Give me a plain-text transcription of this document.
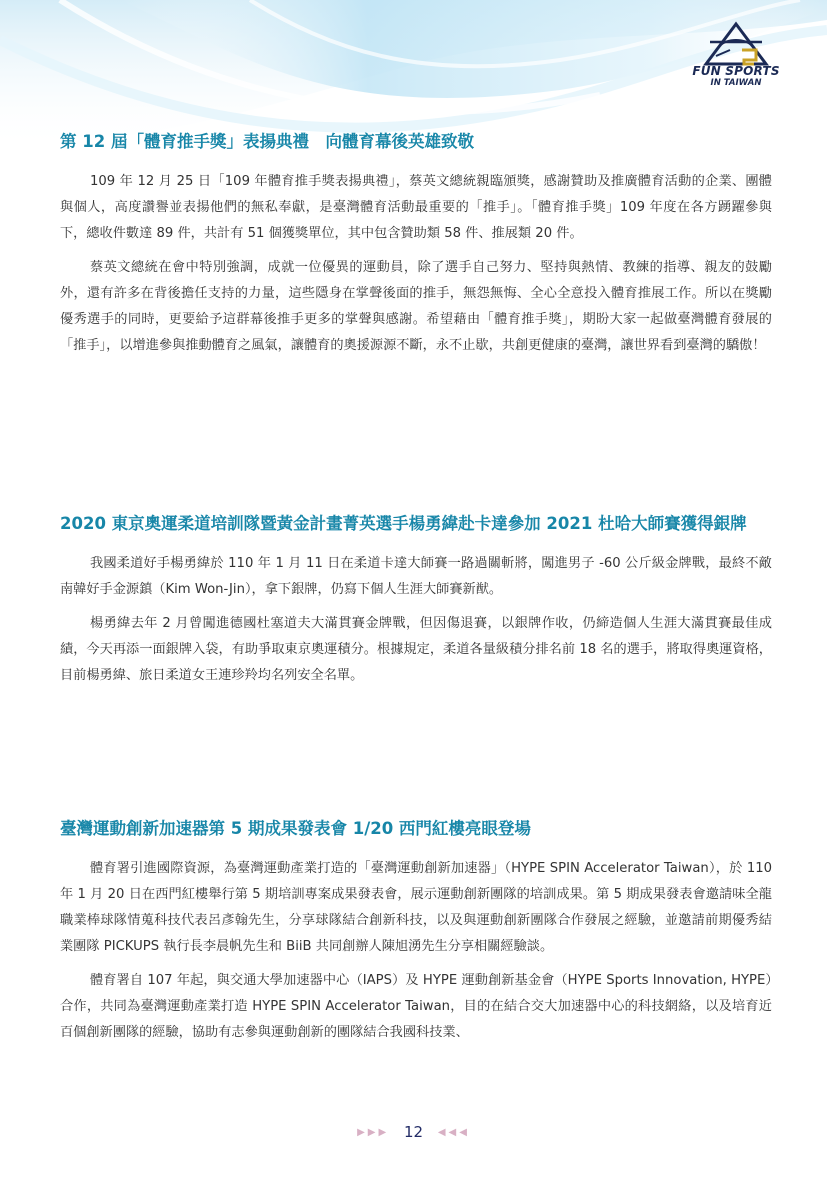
FUN SPORTS
IN TAIWAN
第 12 屆「體育推手獎」表揚典禮　向體育幕後英雄致敬

109 年 12 月 25 日「109 年體育推手獎表揚典禮」，蔡英文總統親臨頒獎，感謝贊助及推廣體育活動的企業、團體與個人，高度讚譽並表揚他們的無私奉獻，是臺灣體育活動最重要的「推手」。「體育推手獎」109 年度在各方踴躍參與下，總收件數達 89 件，共計有 51 個獲獎單位，其中包含贊助類 58 件、推展類 20 件。

蔡英文總統在會中特別強調，成就一位優異的運動員，除了選手自己努力、堅持與熱情、教練的指導、親友的鼓勵外，還有許多在背後擔任支持的力量，這些隱身在掌聲後面的推手，無怨無悔、全心全意投入體育推展工作。所以在獎勵優秀選手的同時，更要給予這群幕後推手更多的掌聲與感謝。希望藉由「體育推手獎」，期盼大家一起做臺灣體育發展的「推手」，以增進參與推動體育之風氣，讓體育的奧援源源不斷，永不止歇，共創更健康的臺灣，讓世界看到臺灣的驕傲！

2020 東京奧運柔道培訓隊暨黃金計畫菁英選手楊勇緯赴卡達參加 2021 杜哈大師賽獲得銀牌

我國柔道好手楊勇緯於 110 年 1 月 11 日在柔道卡達大師賽一路過關斬將，闖進男子 -60 公斤級金牌戰，最終不敵南韓好手金源鎮（Kim Won-Jin），拿下銀牌，仍寫下個人生涯大師賽新猷。

楊勇緯去年 2 月曾闖進德國杜塞道夫大滿貫賽金牌戰，但因傷退賽，以銀牌作收，仍締造個人生涯大滿貫賽最佳成績，今天再添一面銀牌入袋，有助爭取東京奧運積分。根據規定，柔道各量級積分排名前 18 名的選手，將取得奧運資格，目前楊勇緯、旅日柔道女王連珍羚均名列安全名單。

臺灣運動創新加速器第 5 期成果發表會 1/20 西門紅樓亮眼登場

體育署引進國際資源，為臺灣運動產業打造的「臺灣運動創新加速器」（HYPE SPIN Accelerator Taiwan），於 110 年 1 月 20 日在西門紅樓舉行第 5 期培訓專案成果發表會，展示運動創新團隊的培訓成果。第 5 期成果發表會邀請味全龍職業棒球隊情蒐科技代表呂彥翰先生，分享球隊結合創新科技，以及與運動創新團隊合作發展之經驗，並邀請前期優秀結業團隊 PICKUPS 執行長李晨帆先生和 BiiB 共同創辦人陳旭湧先生分享相關經驗談。

體育署自 107 年起，與交通大學加速器中心（IAPS）及 HYPE 運動創新基金會（HYPE Sports Innovation, HYPE）合作，共同為臺灣運動產業打造 HYPE SPIN Accelerator Taiwan，目的在結合交大加速器中心的科技網絡，以及培育近百個創新團隊的經驗，協助有志參與運動創新的團隊結合我國科技業、

▶▶▶ 12 ◀◀◀
